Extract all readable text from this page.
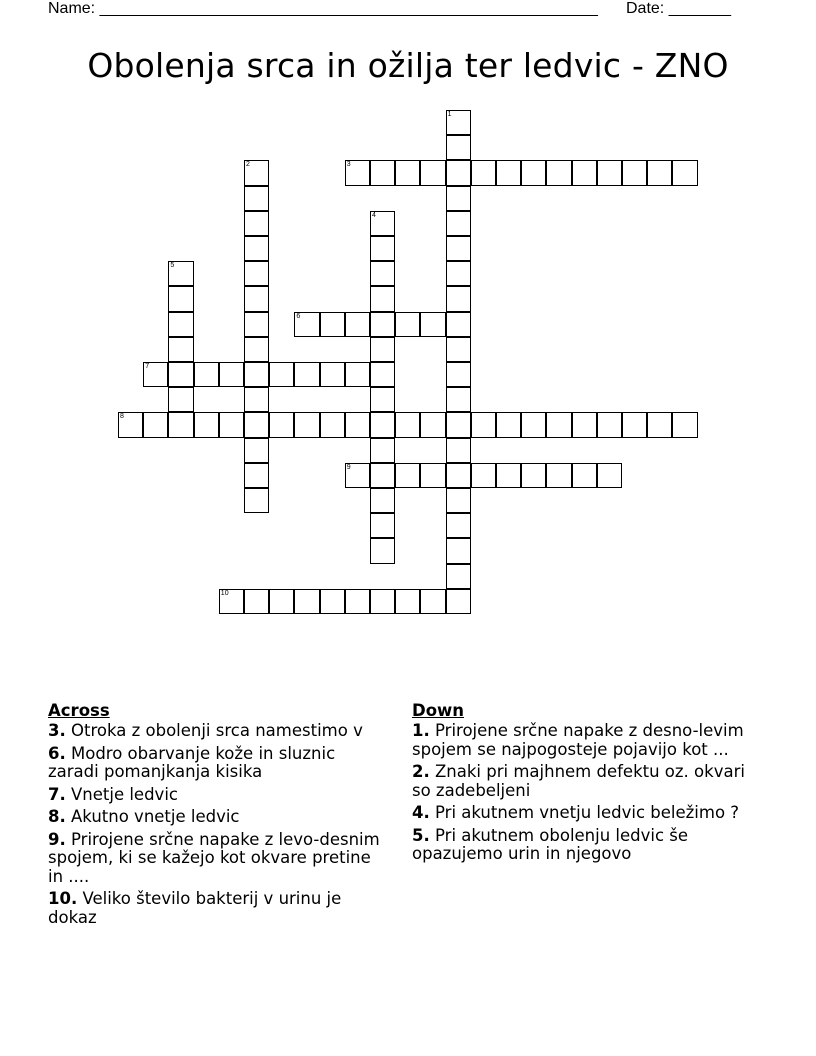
Name: ________________________________________________________ Date: _______
Obolenja srca in ožilja ter ledvic - ZNO
1
2	3
4
5
6
7
8
9
10
Across
3. Otroka z obolenji srca namestimo v
6. Modro obarvanje kože in sluznic zaradi pomanjkanja kisika
7. Vnetje ledvic
8. Akutno vnetje ledvic
9. Prirojene srčne napake z levo-desnim spojem, ki se kažejo kot okvare pretine in ....
10. Veliko število bakterij v urinu je dokaz
Down
1. Prirojene srčne napake z desno-levim spojem se najpogosteje pojavijo kot ...
2. Znaki pri majhnem defektu oz. okvari so zadebeljeni
4. Pri akutnem vnetju ledvic beležimo ?
5. Pri akutnem obolenju ledvic še opazujemo urin in njegovo
